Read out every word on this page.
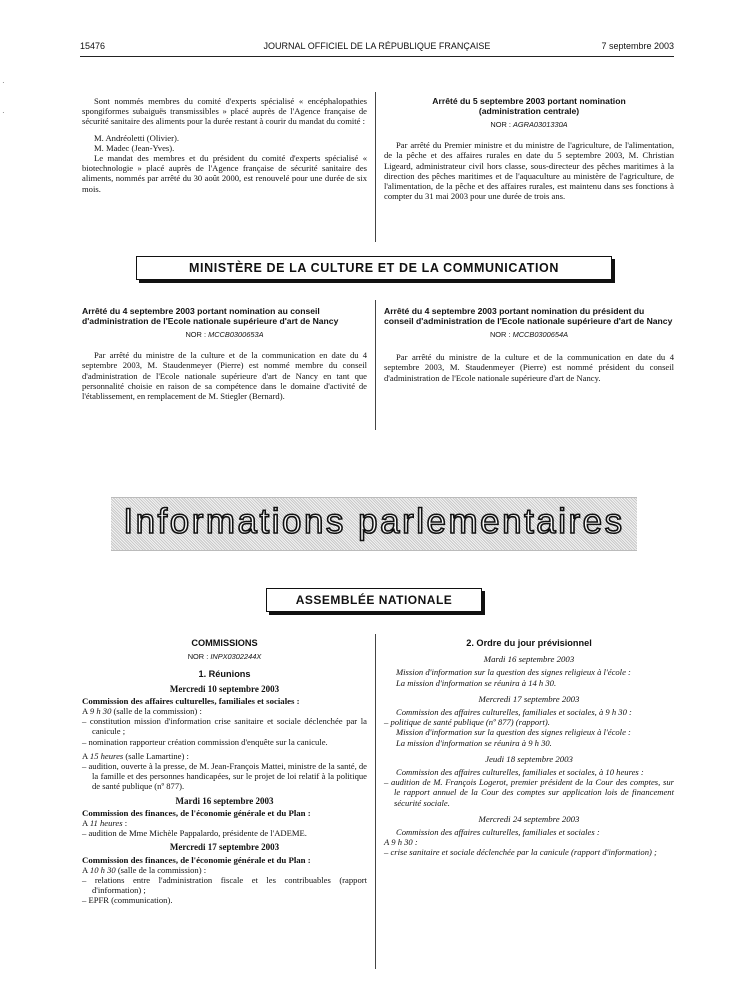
15476	JOURNAL OFFICIEL DE LA RÉPUBLIQUE FRANÇAISE	7 septembre 2003
·
·

Sont nommés membres du comité d'experts spécialisé « encéphalopathies spongiformes subaiguës transmissibles » placé auprès de l'Agence française de sécurité sanitaire des aliments pour la durée restant à courir du mandat du comité :

M. Andréoletti (Olivier).

M. Madec (Jean-Yves).

Le mandat des membres et du président du comité d'experts spécialisé « biotechnologie » placé auprès de l'Agence française de sécurité sanitaire des aliments, nommés par arrêté du 30 août 2000, est renouvelé pour une durée de six mois.

Arrêté du 5 septembre 2003 portant nomination (administration centrale)
NOR : AGRA0301330A

Par arrêté du Premier ministre et du ministre de l'agriculture, de l'alimentation, de la pêche et des affaires rurales en date du 5 septembre 2003, M. Christian Ligeard, administrateur civil hors classe, sous-directeur des pêches maritimes à la direction des pêches maritimes et de l'aquaculture au ministère de l'agriculture, de l'alimentation, de la pêche et des affaires rurales, est maintenu dans ses fonctions à compter du 31 mai 2003 pour une durée de trois ans.

MINISTÈRE DE LA CULTURE ET DE LA COMMUNICATION
Arrêté du 4 septembre 2003 portant nomination au conseil d'administration de l'Ecole nationale supérieure d'art de Nancy
NOR : MCCB0300653A

Par arrêté du ministre de la culture et de la communication en date du 4 septembre 2003, M. Staudenmeyer (Pierre) est nommé membre du conseil d'administration de l'Ecole nationale supérieure d'art de Nancy en tant que personnalité choisie en raison de sa compétence dans le domaine d'activité de l'établissement, en remplacement de M. Stiegler (Bernard).

Arrêté du 4 septembre 2003 portant nomination du président du conseil d'administration de l'Ecole nationale supérieure d'art de Nancy
NOR : MCCB0300654A

Par arrêté du ministre de la culture et de la communication en date du 4 septembre 2003, M. Staudenmeyer (Pierre) est nommé président du conseil d'administration de l'Ecole nationale supérieure d'art de Nancy.

Informations parlementaires
ASSEMBLÉE NATIONALE
COMMISSIONS
NOR : INPX0302244X
1. Réunions
Mercredi 10 septembre 2003

Commission des affaires culturelles, familiales et sociales :

A 9 h 30 (salle de la commission) :

– constitution mission d'information crise sanitaire et sociale déclenchée par la canicule ;

– nomination rapporteur création commission d'enquête sur la canicule.

A 15 heures (salle Lamartine) :

– audition, ouverte à la presse, de M. Jean-François Mattei, ministre de la santé, de la famille et des personnes handicapées, sur le projet de loi relatif à la politique de santé publique (nº 877).

Mardi 16 septembre 2003

Commission des finances, de l'économie générale et du Plan :

A 11 heures :

– audition de Mme Michèle Pappalardo, présidente de l'ADEME.

Mercredi 17 septembre 2003

Commission des finances, de l'économie générale et du Plan :

A 10 h 30 (salle de la commission) :

– relations entre l'administration fiscale et les contribuables (rapport d'information) ;

– EPFR (communication).

2. Ordre du jour prévisionnel
Mardi 16 septembre 2003

Mission d'information sur la question des signes religieux à l'école :

La mission d'information se réunira à 14 h 30.

Mercredi 17 septembre 2003

Commission des affaires culturelles, familiales et sociales, à 9 h 30 :

– politique de santé publique (nº 877) (rapport).

Mission d'information sur la question des signes religieux à l'école :

La mission d'information se réunira à 9 h 30.

Jeudi 18 septembre 2003

Commission des affaires culturelles, familiales et sociales, à 10 heures :

– audition de M. François Logerot, premier président de la Cour des comptes, sur le rapport annuel de la Cour des comptes sur application lois de financement sécurité sociale.

Mercredi 24 septembre 2003

Commission des affaires culturelles, familiales et sociales :

A 9 h 30 :

– crise sanitaire et sociale déclenchée par la canicule (rapport d'information) ;
